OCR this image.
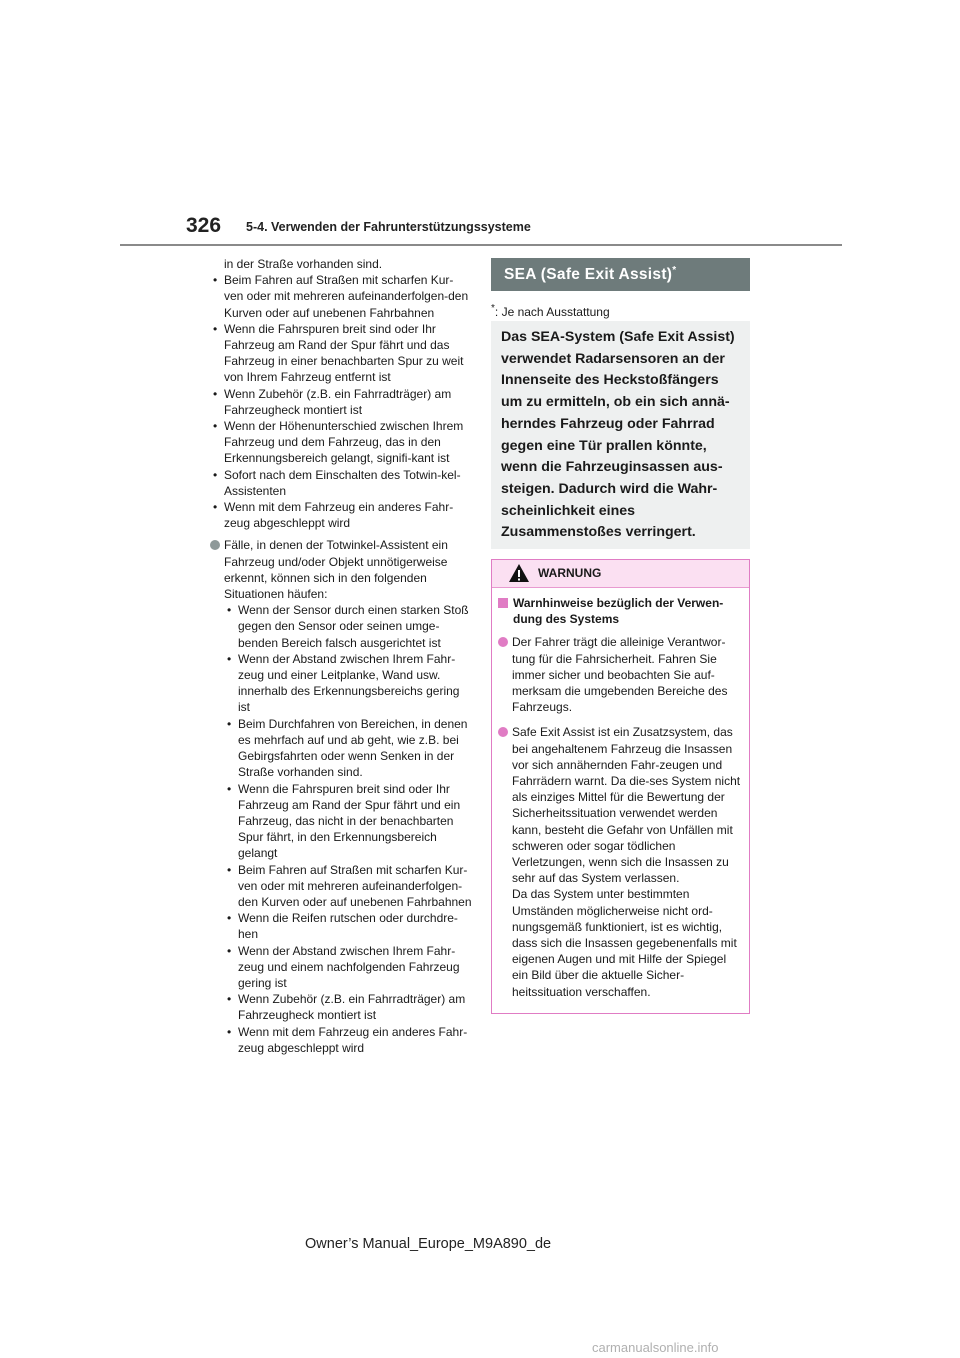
326 5-4. Verwenden der Fahrunterstützungssysteme
in der Straße vorhanden sind.
• Beim Fahren auf Straßen mit scharfen Kur-ven oder mit mehreren aufeinanderfolgen-den Kurven oder auf unebenen Fahrbahnen
• Wenn die Fahrspuren breit sind oder Ihr Fahrzeug am Rand der Spur fährt und das Fahrzeug in einer benachbarten Spur zu weit von Ihrem Fahrzeug entfernt ist
• Wenn Zubehör (z.B. ein Fahrradträger) am Fahrzeugheck montiert ist
• Wenn der Höhenunterschied zwischen Ihrem Fahrzeug und dem Fahrzeug, das in den Erkennungsbereich gelangt, signifi-kant ist
• Sofort nach dem Einschalten des Totwin-kel-Assistenten
• Wenn mit dem Fahrzeug ein anderes Fahr-zeug abgeschleppt wird
Fälle, in denen der Totwinkel-Assistent ein Fahrzeug und/oder Objekt unnötigerweise erkennt, können sich in den folgenden Situationen häufen:
• Wenn der Sensor durch einen starken Stoß gegen den Sensor oder seinen umge-benden Bereich falsch ausgerichtet ist
• Wenn der Abstand zwischen Ihrem Fahr-zeug und einer Leitplanke, Wand usw. innerhalb des Erkennungsbereichs gering ist
• Beim Durchfahren von Bereichen, in denen es mehrfach auf und ab geht, wie z.B. bei Gebirgsfahrten oder wenn Senken in der Straße vorhanden sind.
• Wenn die Fahrspuren breit sind oder Ihr Fahrzeug am Rand der Spur fährt und ein Fahrzeug, das nicht in der benachbarten Spur fährt, in den Erkennungsbereich gelangt
• Beim Fahren auf Straßen mit scharfen Kur-ven oder mit mehreren aufeinanderfolgen-den Kurven oder auf unebenen Fahrbahnen
• Wenn die Reifen rutschen oder durchdre-hen
• Wenn der Abstand zwischen Ihrem Fahr-zeug und einem nachfolgenden Fahrzeug gering ist
• Wenn Zubehör (z.B. ein Fahrradträger) am Fahrzeugheck montiert ist
• Wenn mit dem Fahrzeug ein anderes Fahr-zeug abgeschleppt wird
SEA (Safe Exit Assist)*
*: Je nach Ausstattung
Das SEA-System (Safe Exit Assist) verwendet Radarsensoren an der Innenseite des Heckstoßfängers um zu ermitteln, ob ein sich annä-herndes Fahrzeug oder Fahrrad gegen eine Tür prallen könnte, wenn die Fahrzeuginsassen aus-steigen. Dadurch wird die Wahr-scheinlichkeit eines Zusammenstoßes verringert.
WARNUNG
Warnhinweise bezüglich der Verwen-dung des Systems
Der Fahrer trägt die alleinige Verantwor-tung für die Fahrsicherheit. Fahren Sie immer sicher und beobachten Sie auf-merksam die umgebenden Bereiche des Fahrzeugs.
Safe Exit Assist ist ein Zusatzsystem, das bei angehaltenem Fahrzeug die Insassen vor sich annähernden Fahr-zeugen und Fahrrädern warnt. Da die-ses System nicht als einziges Mittel für die Bewertung der Sicherheitssituation verwendet werden kann, besteht die Gefahr von Unfällen mit schweren oder sogar tödlichen Verletzungen, wenn sich die Insassen zu sehr auf das System verlassen.
Da das System unter bestimmten Umständen möglicherweise nicht ord-nungsgemäß funktioniert, ist es wichtig, dass sich die Insassen gegebenenfalls mit eigenen Augen und mit Hilfe der Spiegel ein Bild über die aktuelle Sicher-heitssituation verschaffen.
Owner’s Manual_Europe_M9A890_de
carmanualsonline.info
